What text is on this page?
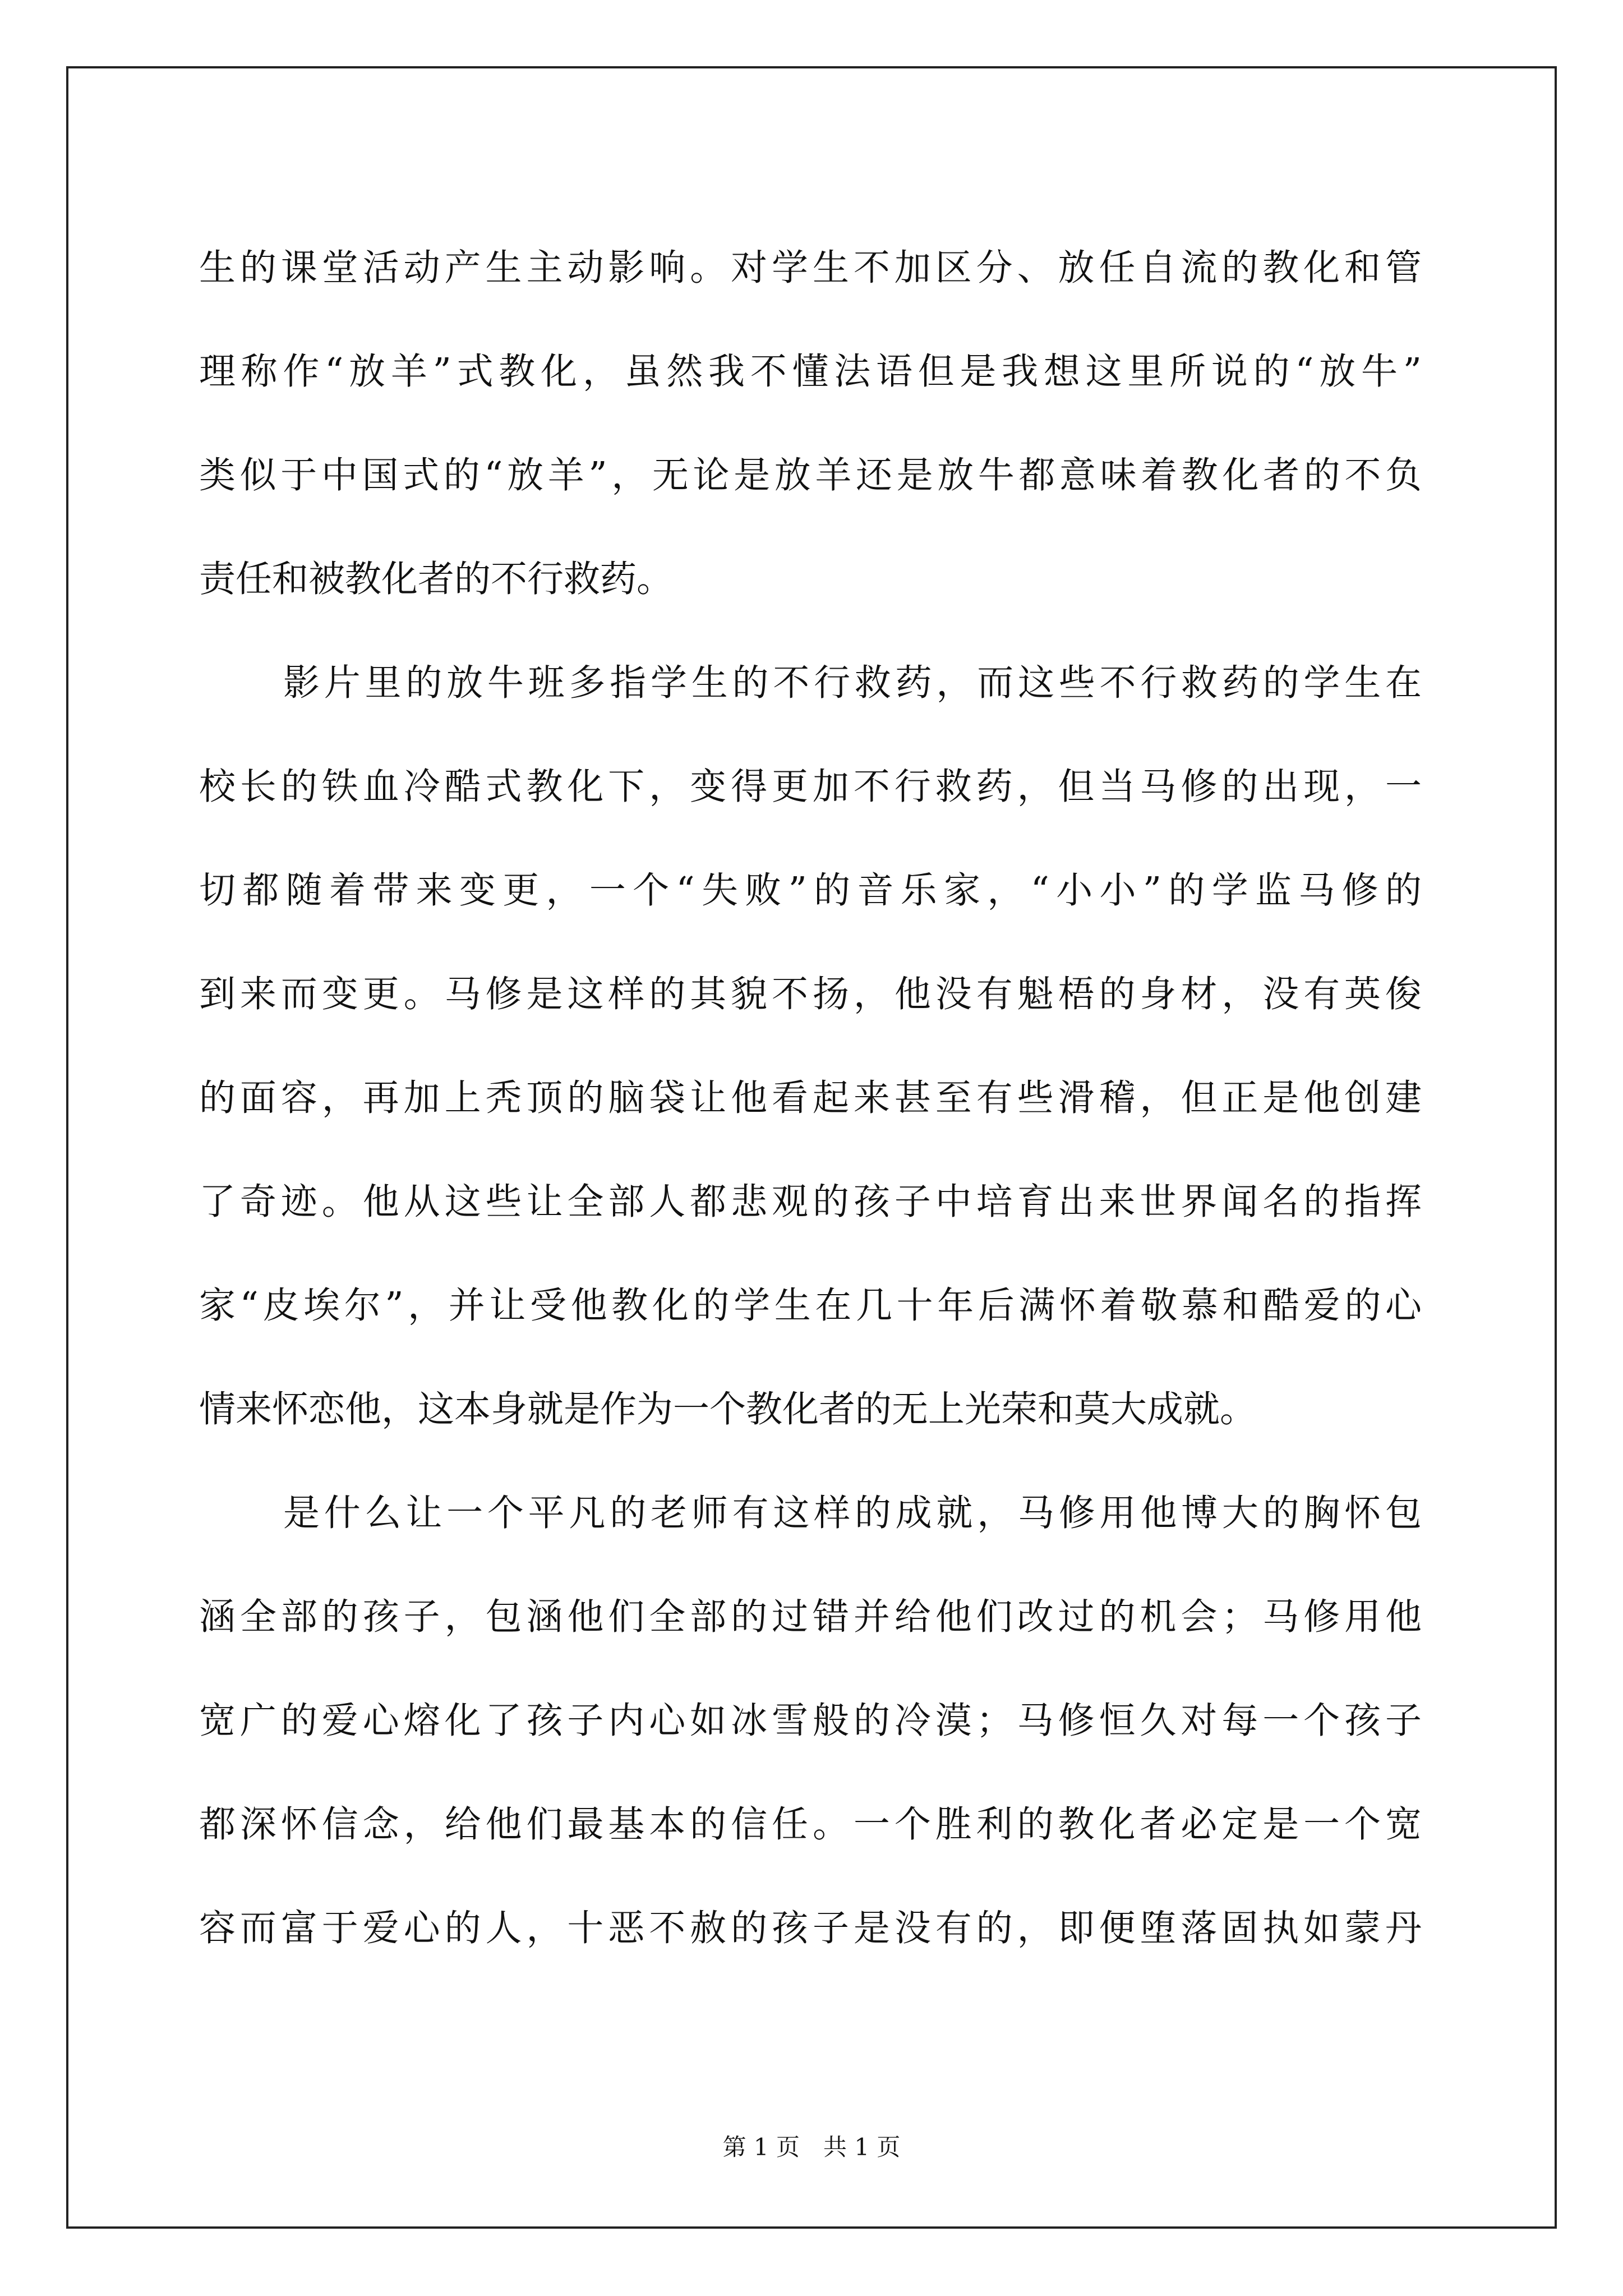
生的课堂活动产生主动影响。对学生不加区分、放任自流的教化和管
理称作“放羊”式教化，虽然我不懂法语但是我想这里所说的“放牛”
类似于中国式的“放羊”，无论是放羊还是放牛都意味着教化者的不负
责任和被教化者的不行救药。
影片里的放牛班多指学生的不行救药，而这些不行救药的学生在
校长的铁血冷酷式教化下，变得更加不行救药，但当马修的出现，一
切都随着带来变更，一个“失败”的音乐家，“小小”的学监马修的
到来而变更。马修是这样的其貌不扬，他没有魁梧的身材，没有英俊
的面容，再加上秃顶的脑袋让他看起来甚至有些滑稽，但正是他创建
了奇迹。他从这些让全部人都悲观的孩子中培育出来世界闻名的指挥
家“皮埃尔”，并让受他教化的学生在几十年后满怀着敬慕和酷爱的心
情来怀恋他，这本身就是作为一个教化者的无上光荣和莫大成就。
是什么让一个平凡的老师有这样的成就，马修用他博大的胸怀包
涵全部的孩子，包涵他们全部的过错并给他们改过的机会；马修用他
宽广的爱心熔化了孩子内心如冰雪般的冷漠；马修恒久对每一个孩子
都深怀信念，给他们最基本的信任。一个胜利的教化者必定是一个宽
容而富于爱心的人，十恶不赦的孩子是没有的，即便堕落固执如蒙丹
第 1 页　共 1 页
